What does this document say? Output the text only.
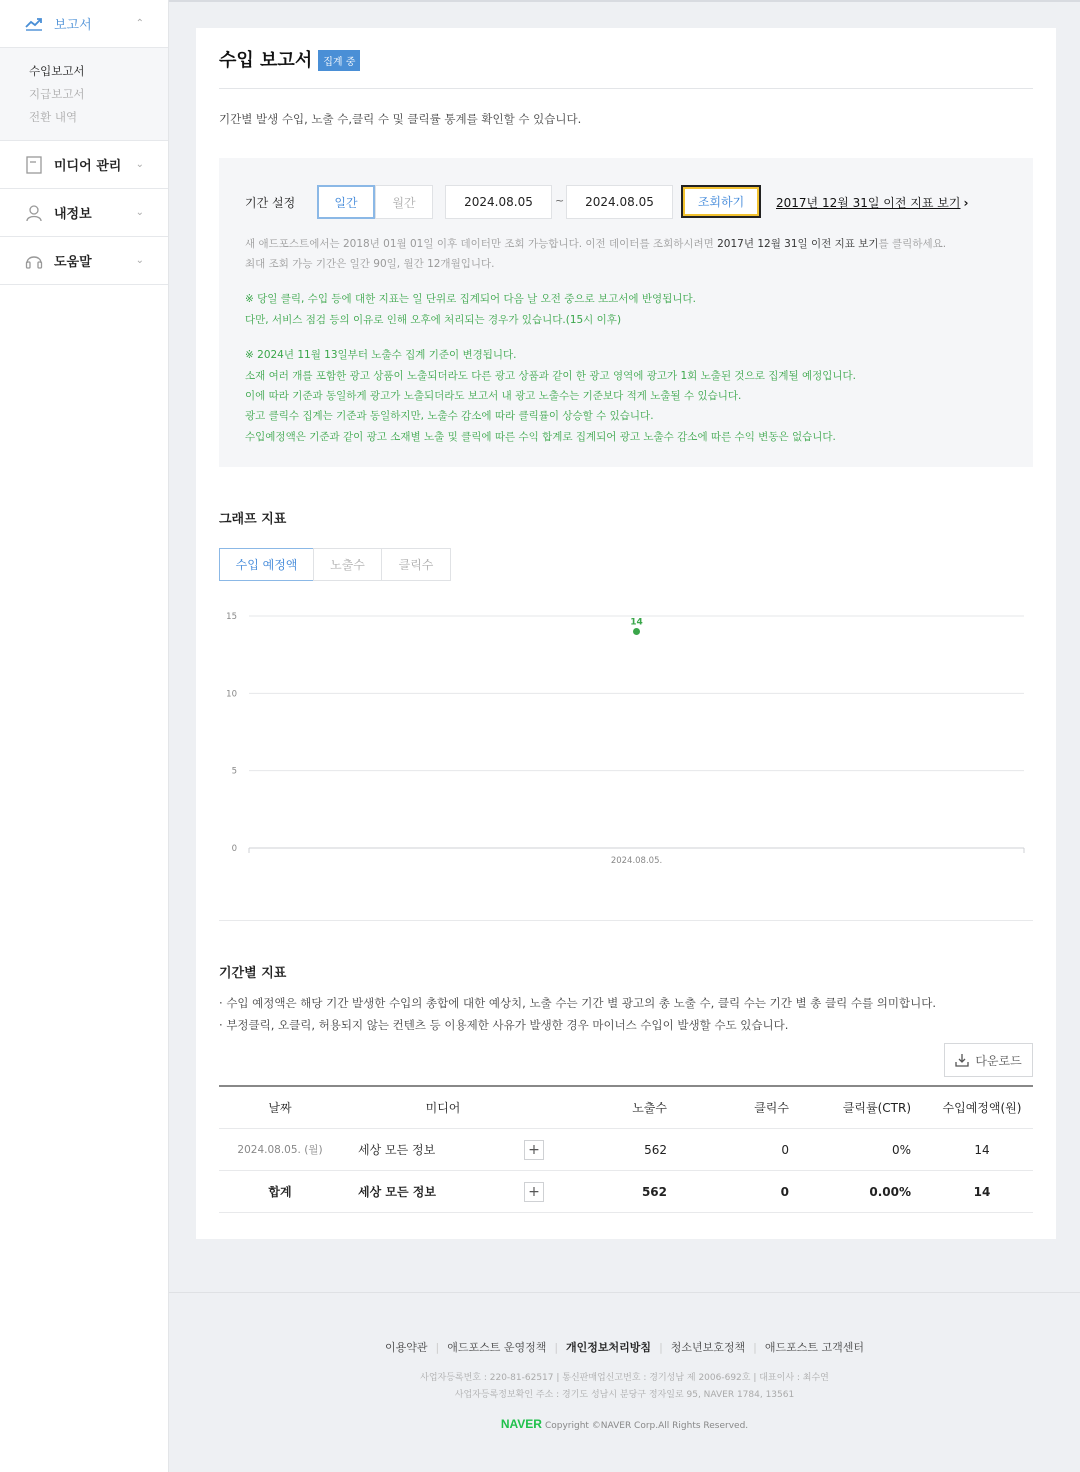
보고서	⌃
수입보고서
지급보고서
전환 내역
미디어 관리	⌄
내정보	⌄
도움말	⌄
수입 보고서	집계 중
기간별 발생 수입, 노출 수,클릭 수 및 클릭률 통계를 확인할 수 있습니다.
기간 설정	일간	월간	2024.08.05	~	2024.08.05	조회하기	2017년 12월 31일 이전 지표 보기 ›
새 애드포스트에서는 2018년 01월 01일 이후 데이터만 조회 가능합니다. 이전 데이터를 조회하시려면 2017년 12월 31일 이전 지표 보기를 클릭하세요.
최대 조회 가능 기간은 일간 90일, 월간 12개월입니다.
※ 당일 클릭, 수입 등에 대한 지표는 일 단위로 집계되어 다음 날 오전 중으로 보고서에 반영됩니다.
다만, 서비스 점검 등의 이유로 인해 오후에 처리되는 경우가 있습니다.(15시 이후)
※ 2024년 11월 13일부터 노출수 집계 기준이 변경됩니다.
소재 여러 개를 포함한 광고 상품이 노출되더라도 다른 광고 상품과 같이 한 광고 영역에 광고가 1회 노출된 것으로 집계될 예정입니다.
이에 따라 기준과 동일하게 광고가 노출되더라도 보고서 내 광고 노출수는 기준보다 적게 노출될 수 있습니다.
광고 클릭수 집계는 기준과 동일하지만, 노출수 감소에 따라 클릭률이 상승할 수 있습니다.
수입예정액은 기준과 같이 광고 소재별 노출 및 클릭에 따른 수익 합계로 집계되어 광고 노출수 감소에 따른 수익 변동은 없습니다.
그래프 지표
수입 예정액	노출수	클릭수
0
5
10
15
2024.08.05.
14
기간별 지표
· 수입 예정액은 해당 기간 발생한 수입의 총합에 대한 예상치, 노출 수는 기간 별 광고의 총 노출 수, 클릭 수는 기간 별 총 클릭 수를 의미합니다.
· 부정클릭, 오클릭, 허용되지 않는 컨텐츠 등 이용제한 사유가 발생한 경우 마이너스 수입이 발생할 수도 있습니다.
다운로드
날짜	미디어	노출수	클릭수	클릭률(CTR)	수입예정액(원)
2024.08.05. (월)	세상 모든 정보	+	562	0	0%	14
합계	세상 모든 정보	+	562	0	0.00%	14
이용약관 | 애드포스트 운영정책 | 개인정보처리방침 | 청소년보호정책 | 애드포스트 고객센터
사업자등록번호 : 220-81-62517 | 통신판매업신고번호 : 경기성남 제 2006-692호 | 대표이사 : 최수연
사업자등록정보확인 주소 : 경기도 성남시 분당구 정자일로 95, NAVER 1784, 13561
NAVER Copyright ©NAVER Corp.All Rights Reserved.
